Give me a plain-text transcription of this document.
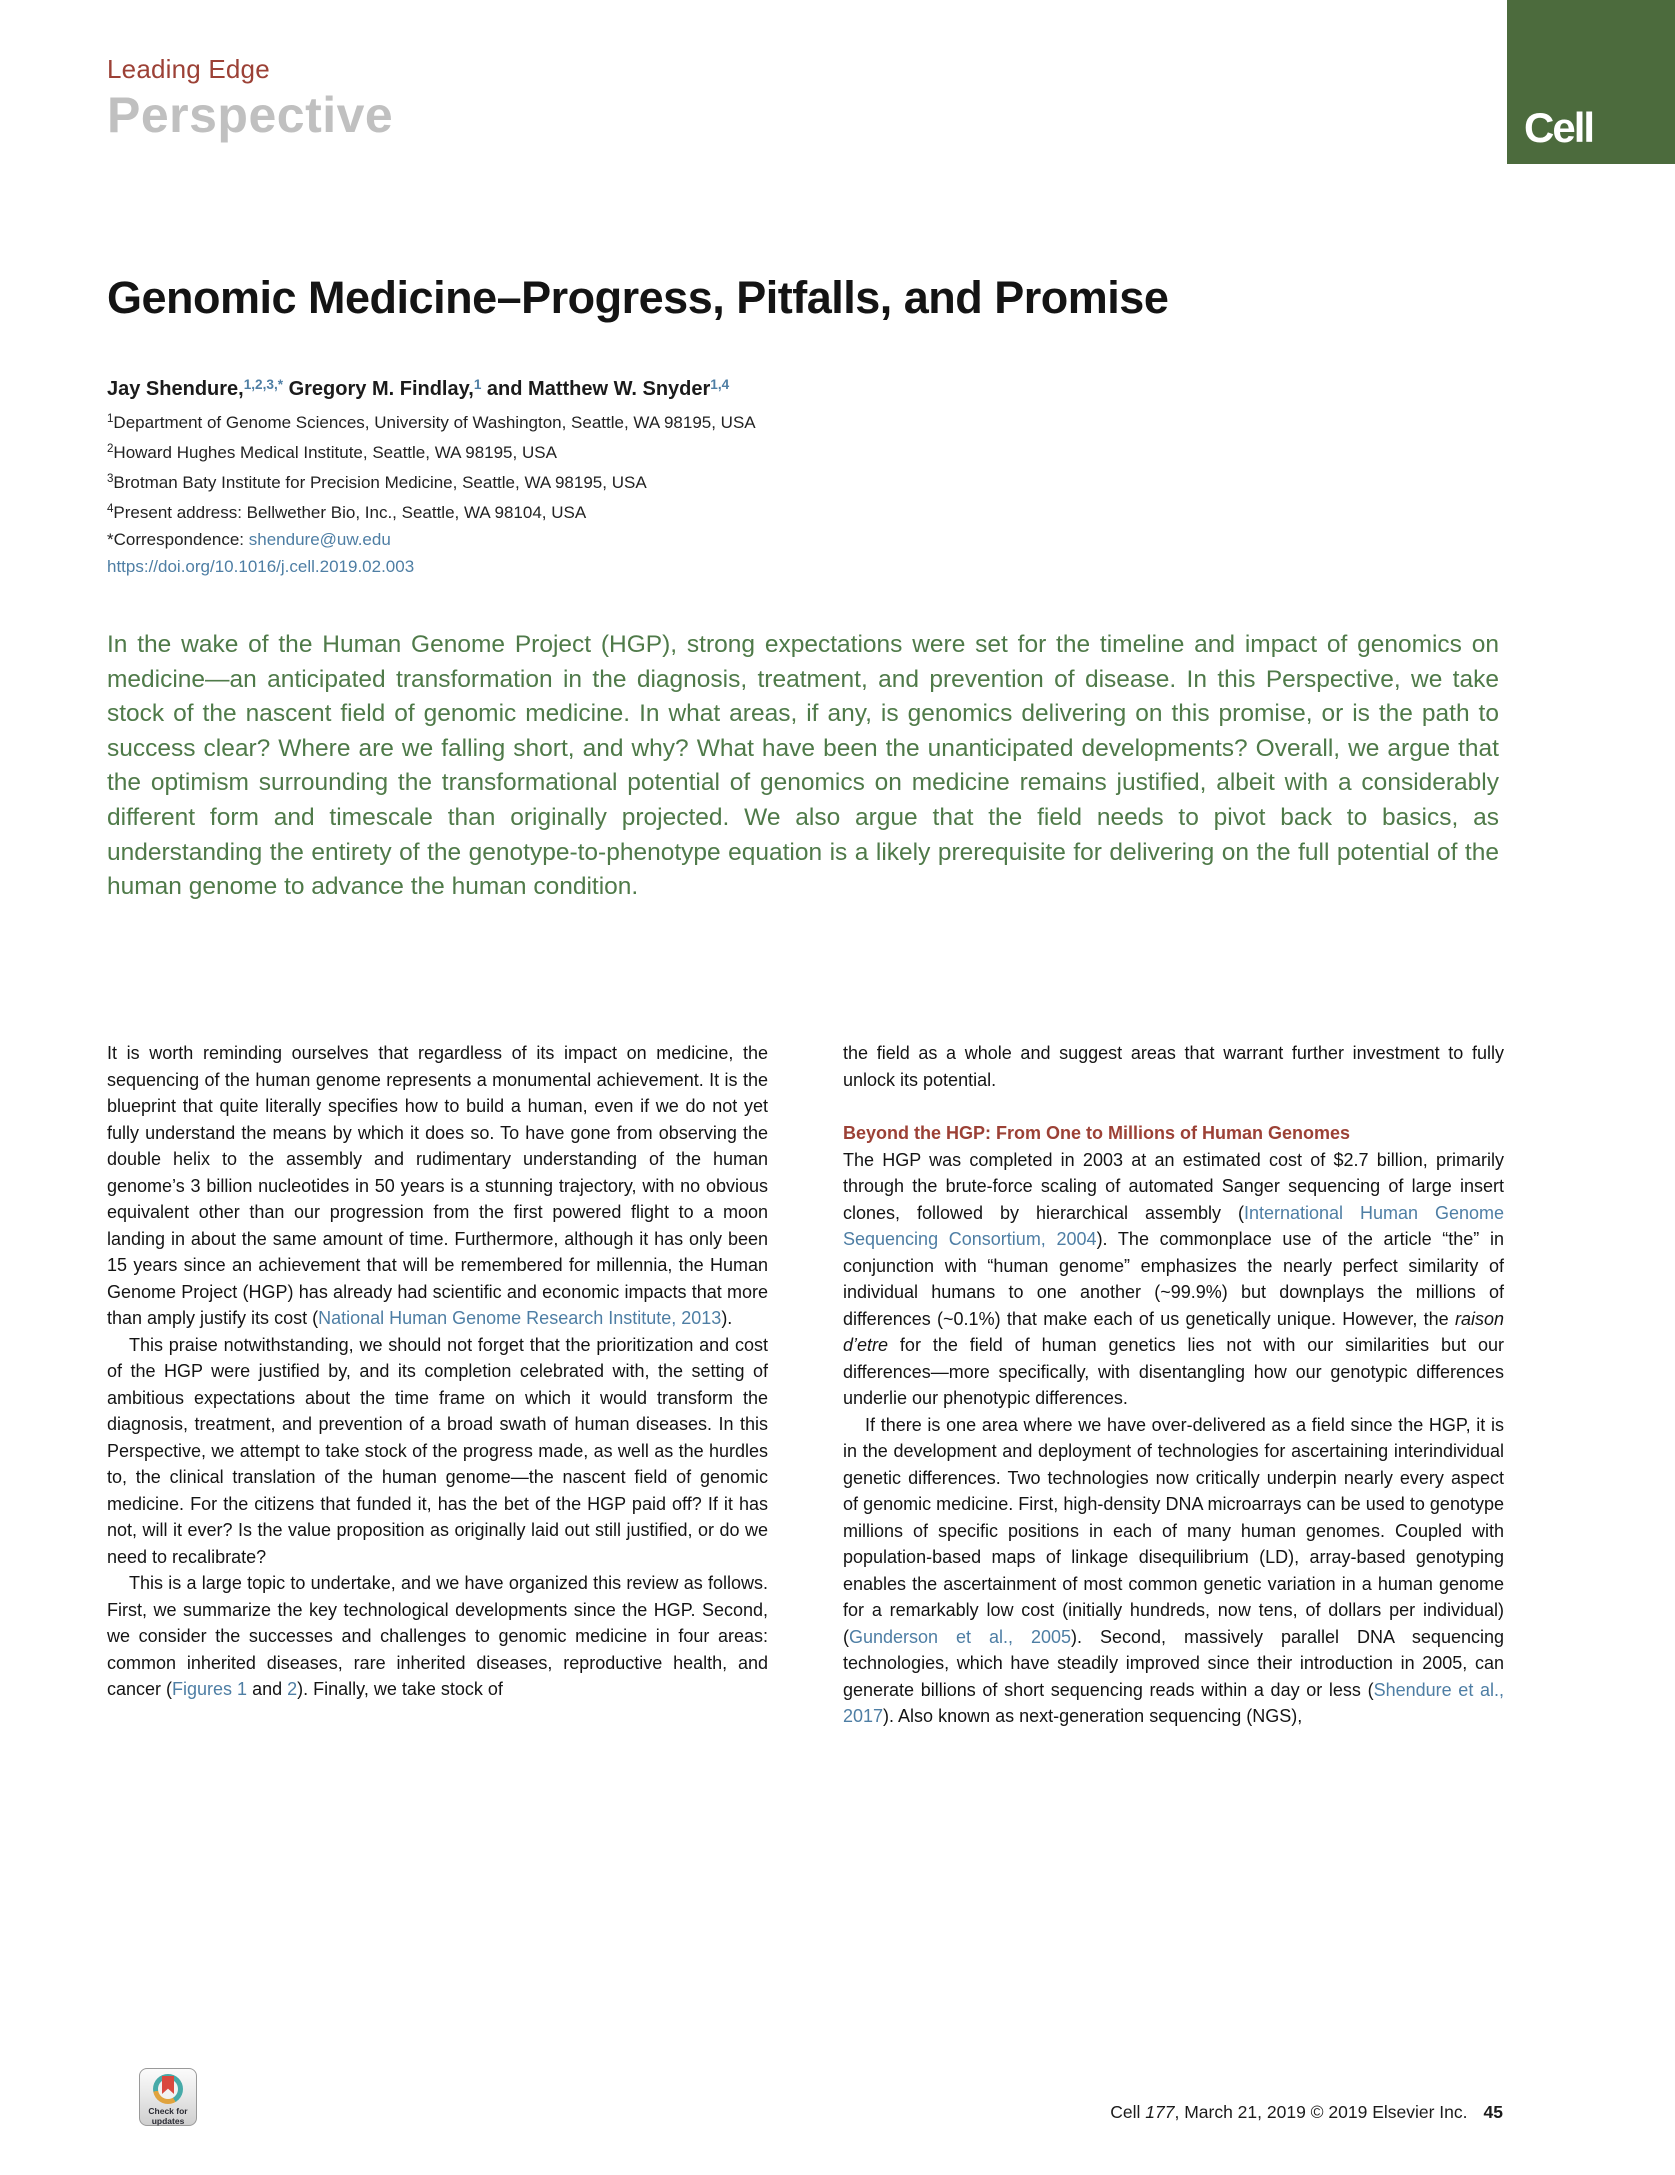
Leading Edge
Perspective	Cell
Genomic Medicine–Progress, Pitfalls, and Promise
Jay Shendure,$^{1,2,3,*}$ Gregory M. Findlay,$^1$ and Matthew W. Snyder$^{1,4}$

$^1$Department of Genome Sciences, University of Washington, Seattle, WA 98195, USA

$^2$Howard Hughes Medical Institute, Seattle, WA 98195, USA

$^3$Brotman Baty Institute for Precision Medicine, Seattle, WA 98195, USA

$^4$Present address: Bellwether Bio, Inc., Seattle, WA 98104, USA

*Correspondence: shendure@uw.edu

https://doi.org/10.1016/j.cell.2019.02.003

In the wake of the Human Genome Project (HGP), strong expectations were set for the timeline and impact of genomics on medicine—an anticipated transformation in the diagnosis, treatment, and prevention of disease. In this Perspective, we take stock of the nascent field of genomic medicine. In what areas, if any, is genomics delivering on this promise, or is the path to success clear? Where are we falling short, and why? What have been the unanticipated developments? Overall, we argue that the optimism surrounding the transformational potential of genomics on medicine remains justified, albeit with a considerably different form and timescale than originally projected. We also argue that the field needs to pivot back to basics, as understanding the entirety of the genotype-to-phenotype equation is a likely prerequisite for delivering on the full potential of the human genome to advance the human condition.

It is worth reminding ourselves that regardless of its impact on medicine, the sequencing of the human genome represents a monumental achievement. It is the blueprint that quite literally specifies how to build a human, even if we do not yet fully understand the means by which it does so. To have gone from observing the double helix to the assembly and rudimentary understanding of the human genome’s 3 billion nucleotides in 50 years is a stunning trajectory, with no obvious equivalent other than our progression from the first powered flight to a moon landing in about the same amount of time. Furthermore, although it has only been 15 years since an achievement that will be remembered for millennia, the Human Genome Project (HGP) has already had scientific and economic impacts that more than amply justify its cost (National Human Genome Research Institute, 2013).

This praise notwithstanding, we should not forget that the prioritization and cost of the HGP were justified by, and its completion celebrated with, the setting of ambitious expectations about the time frame on which it would transform the diagnosis, treatment, and prevention of a broad swath of human diseases. In this Perspective, we attempt to take stock of the progress made, as well as the hurdles to, the clinical translation of the human genome—the nascent field of genomic medicine. For the citizens that funded it, has the bet of the HGP paid off? If it has not, will it ever? Is the value proposition as originally laid out still justified, or do we need to recalibrate?

This is a large topic to undertake, and we have organized this review as follows. First, we summarize the key technological developments since the HGP. Second, we consider the successes and challenges to genomic medicine in four areas: common inherited diseases, rare inherited diseases, reproductive health, and cancer (Figures 1 and 2). Finally, we take stock of

the field as a whole and suggest areas that warrant further investment to fully unlock its potential.

Beyond the HGP: From One to Millions of Human Genomes

The HGP was completed in 2003 at an estimated cost of $2.7 billion, primarily through the brute-force scaling of automated Sanger sequencing of large insert clones, followed by hierarchical assembly (International Human Genome Sequencing Consortium, 2004). The commonplace use of the article “the” in conjunction with “human genome” emphasizes the nearly perfect similarity of individual humans to one another (~99.9%) but downplays the millions of differences (~0.1%) that make each of us genetically unique. However, the raison d’etre for the field of human genetics lies not with our similarities but our differences—more specifically, with disentangling how our genotypic differences underlie our phenotypic differences.

If there is one area where we have over-delivered as a field since the HGP, it is in the development and deployment of technologies for ascertaining interindividual genetic differences. Two technologies now critically underpin nearly every aspect of genomic medicine. First, high-density DNA microarrays can be used to genotype millions of specific positions in each of many human genomes. Coupled with population-based maps of linkage disequilibrium (LD), array-based genotyping enables the ascertainment of most common genetic variation in a human genome for a remarkably low cost (initially hundreds, now tens, of dollars per individual) (Gunderson et al., 2005). Second, massively parallel DNA sequencing technologies, which have steadily improved since their introduction in 2005, can generate billions of short sequencing reads within a day or less (Shendure et al., 2017). Also known as next-generation sequencing (NGS),

Check for
updates	Cell 177, March 21, 2019 © 2019 Elsevier Inc. 45
